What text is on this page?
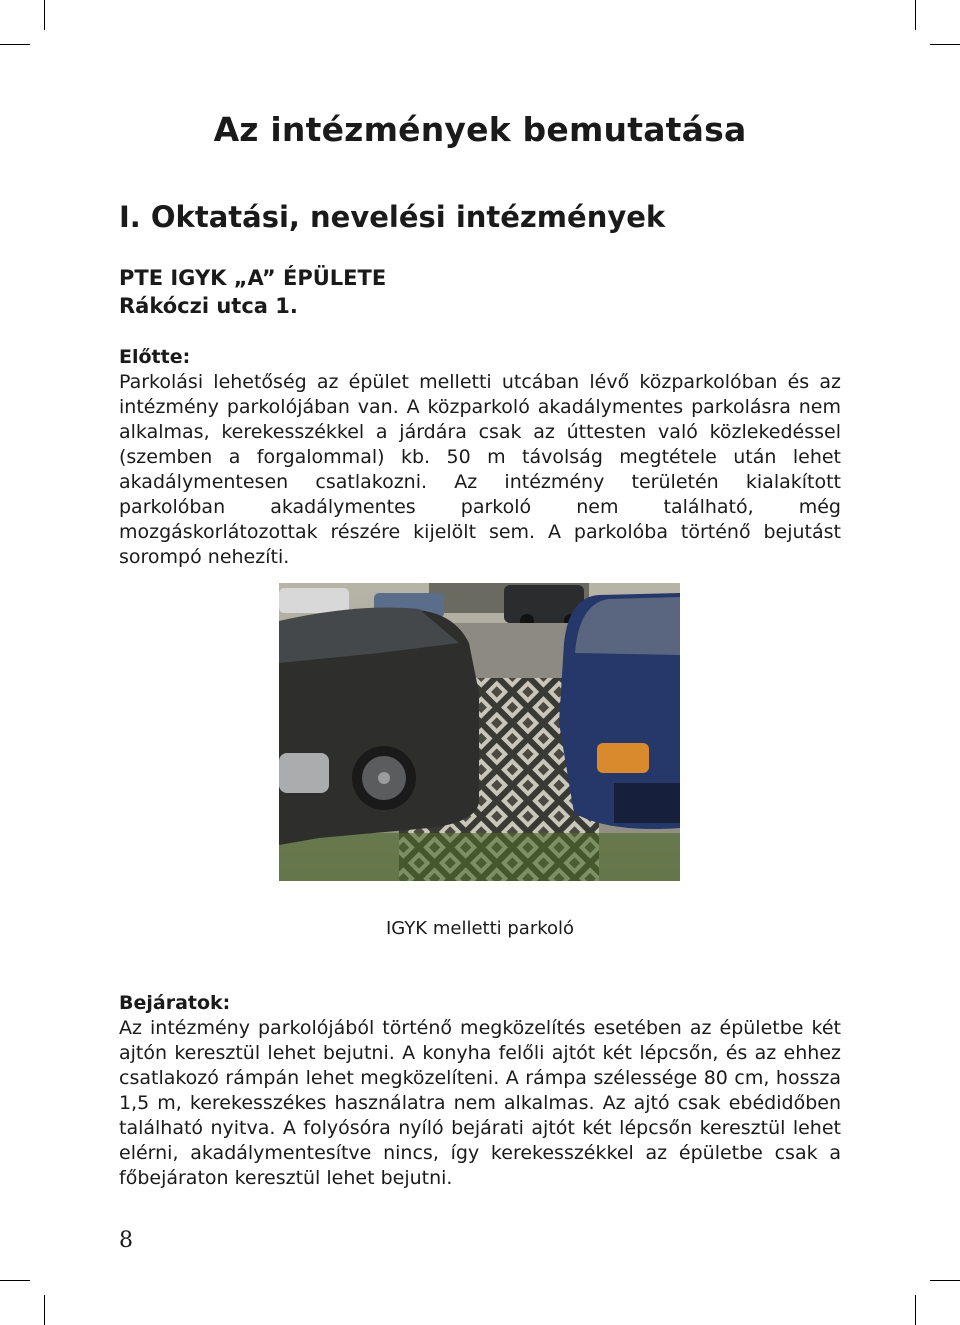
Az intézmények bemutatása
I. Oktatási, nevelési intézmények
PTE IGYK „A” ÉPÜLETE
Rákóczi utca 1.
Előtte:

Parkolási lehetőség az épület melletti utcában lévő közparkolóban és az intézmény parkolójában van. A közparkoló akadálymentes parkolásra nem alkalmas, kerekesszékkel a járdára csak az úttesten való közlekedéssel (szemben a forgalommal) kb. 50 m távolság megtétele után lehet akadálymentesen csatlakozni. Az intézmény területén kialakított parkolóban akadálymentes parkoló nem található, még mozgáskorlátozottak részére kijelölt sem. A parkolóba történő bejutást sorompó nehezíti.

IGYK melletti parkoló
Bejáratok:

Az intézmény parkolójából történő megközelítés esetében az épületbe két ajtón keresztül lehet bejutni. A konyha felőli ajtót két lépcsőn, és az ehhez csatlakozó rámpán lehet megközelíteni. A rámpa szélessége 80 cm, hossza 1,5 m, kerekesszékes használatra nem alkalmas. Az ajtó csak ebédidőben található nyitva. A folyósóra nyíló bejárati ajtót két lépcsőn keresztül lehet elérni, akadálymentesítve nincs, így kerekesszékkel az épületbe csak a főbejáraton keresztül lehet bejutni.

8
